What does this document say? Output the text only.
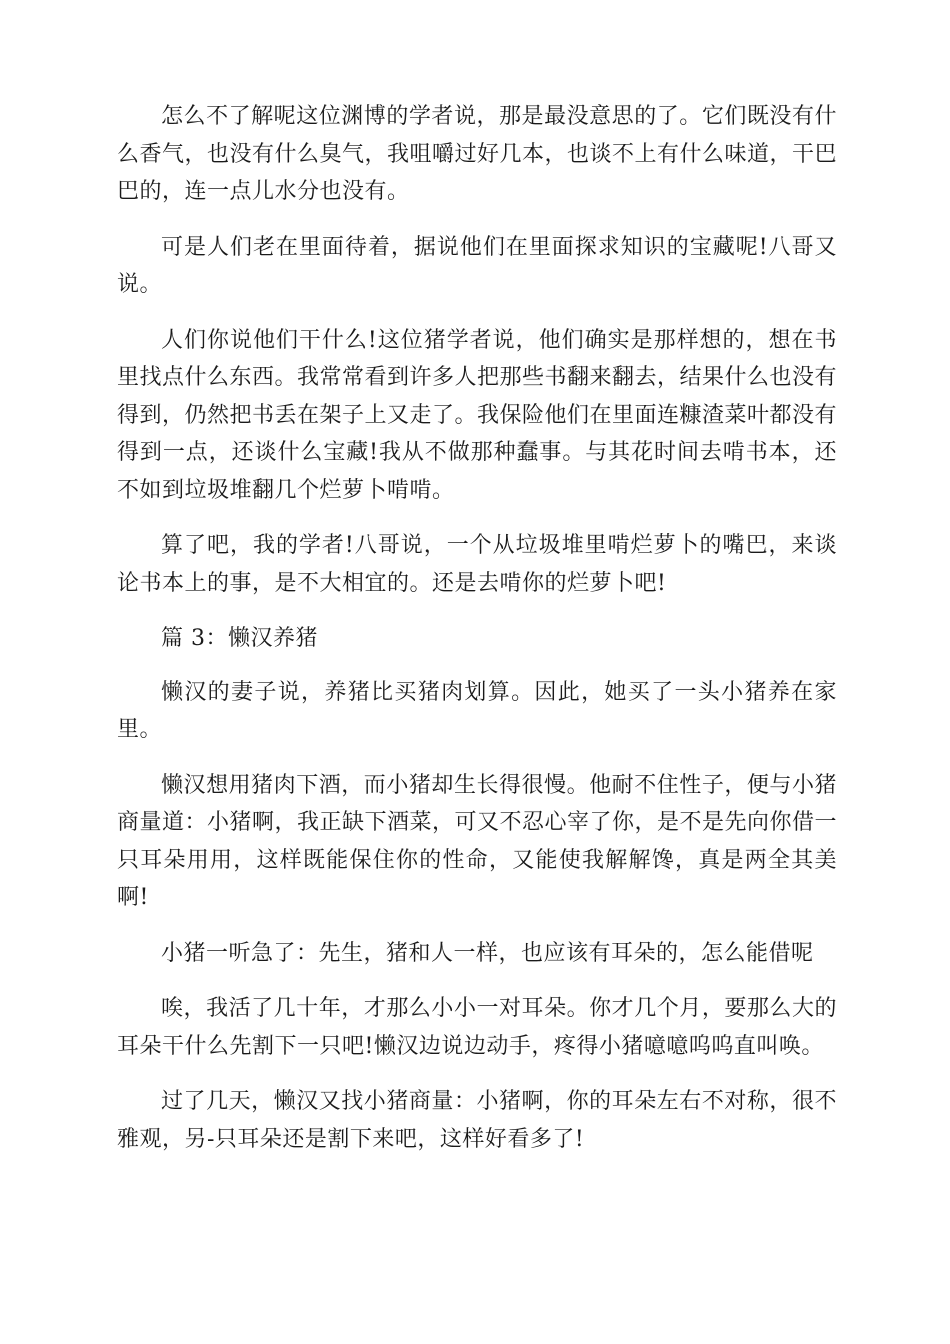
怎么不了解呢这位渊博的学者说，那是最没意思的了。它们既没有什么香气，也没有什么臭气，我咀嚼过好几本，也谈不上有什么味道，干巴巴的，连一点儿水分也没有。

可是人们老在里面待着，据说他们在里面探求知识的宝藏呢!八哥又说。

人们你说他们干什么!这位猪学者说，他们确实是那样想的，想在书里找点什么东西。我常常看到许多人把那些书翻来翻去，结果什么也没有得到，仍然把书丢在架子上又走了。我保险他们在里面连糠渣菜叶都没有得到一点，还谈什么宝藏!我从不做那种蠢事。与其花时间去啃书本，还不如到垃圾堆翻几个烂萝卜啃啃。

算了吧，我的学者!八哥说，一个从垃圾堆里啃烂萝卜的嘴巴，来谈论书本上的事，是不大相宜的。还是去啃你的烂萝卜吧!

篇 3：懒汉养猪

懒汉的妻子说，养猪比买猪肉划算。因此，她买了一头小猪养在家里。

懒汉想用猪肉下酒，而小猪却生长得很慢。他耐不住性子，便与小猪商量道：小猪啊，我正缺下酒菜，可又不忍心宰了你，是不是先向你借一只耳朵用用，这样既能保住你的性命，又能使我解解馋，真是两全其美啊!

小猪一听急了：先生，猪和人一样，也应该有耳朵的，怎么能借呢

唉，我活了几十年，才那么小小一对耳朵。你才几个月，要那么大的耳朵干什么先割下一只吧!懒汉边说边动手，疼得小猪噫噫呜呜直叫唤。

过了几天，懒汉又找小猪商量：小猪啊，你的耳朵左右不对称，很不雅观，另-只耳朵还是割下来吧，这样好看多了!
